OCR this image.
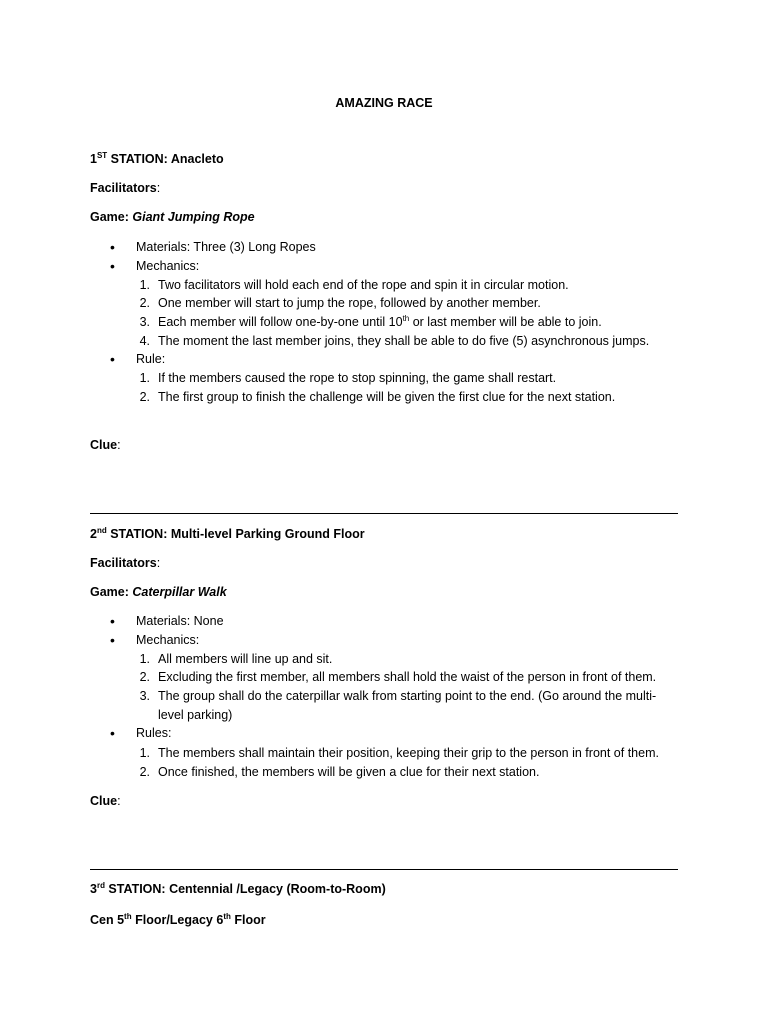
AMAZING RACE
1ST STATION: Anacleto
Facilitators:
Game: Giant Jumping Rope
• Materials: Three (3) Long Ropes
• Mechanics:
1. Two facilitators will hold each end of the rope and spin it in circular motion.
2. One member will start to jump the rope, followed by another member.
3. Each member will follow one-by-one until 10th or last member will be able to join.
4. The moment the last member joins, they shall be able to do five (5) asynchronous jumps.
• Rule:
1. If the members caused the rope to stop spinning, the game shall restart.
2. The first group to finish the challenge will be given the first clue for the next station.
Clue:
2nd STATION: Multi-level Parking Ground Floor
Facilitators:
Game: Caterpillar Walk
• Materials: None
• Mechanics:
1. All members will line up and sit.
2. Excluding the first member, all members shall hold the waist of the person in front of them.
3. The group shall do the caterpillar walk from starting point to the end. (Go around the multi-
level parking)
• Rules:
1. The members shall maintain their position, keeping their grip to the person in front of them.
2. Once finished, the members will be given a clue for their next station.
Clue:
3rd STATION: Centennial /Legacy (Room-to-Room)
Cen 5th Floor/Legacy 6th Floor
